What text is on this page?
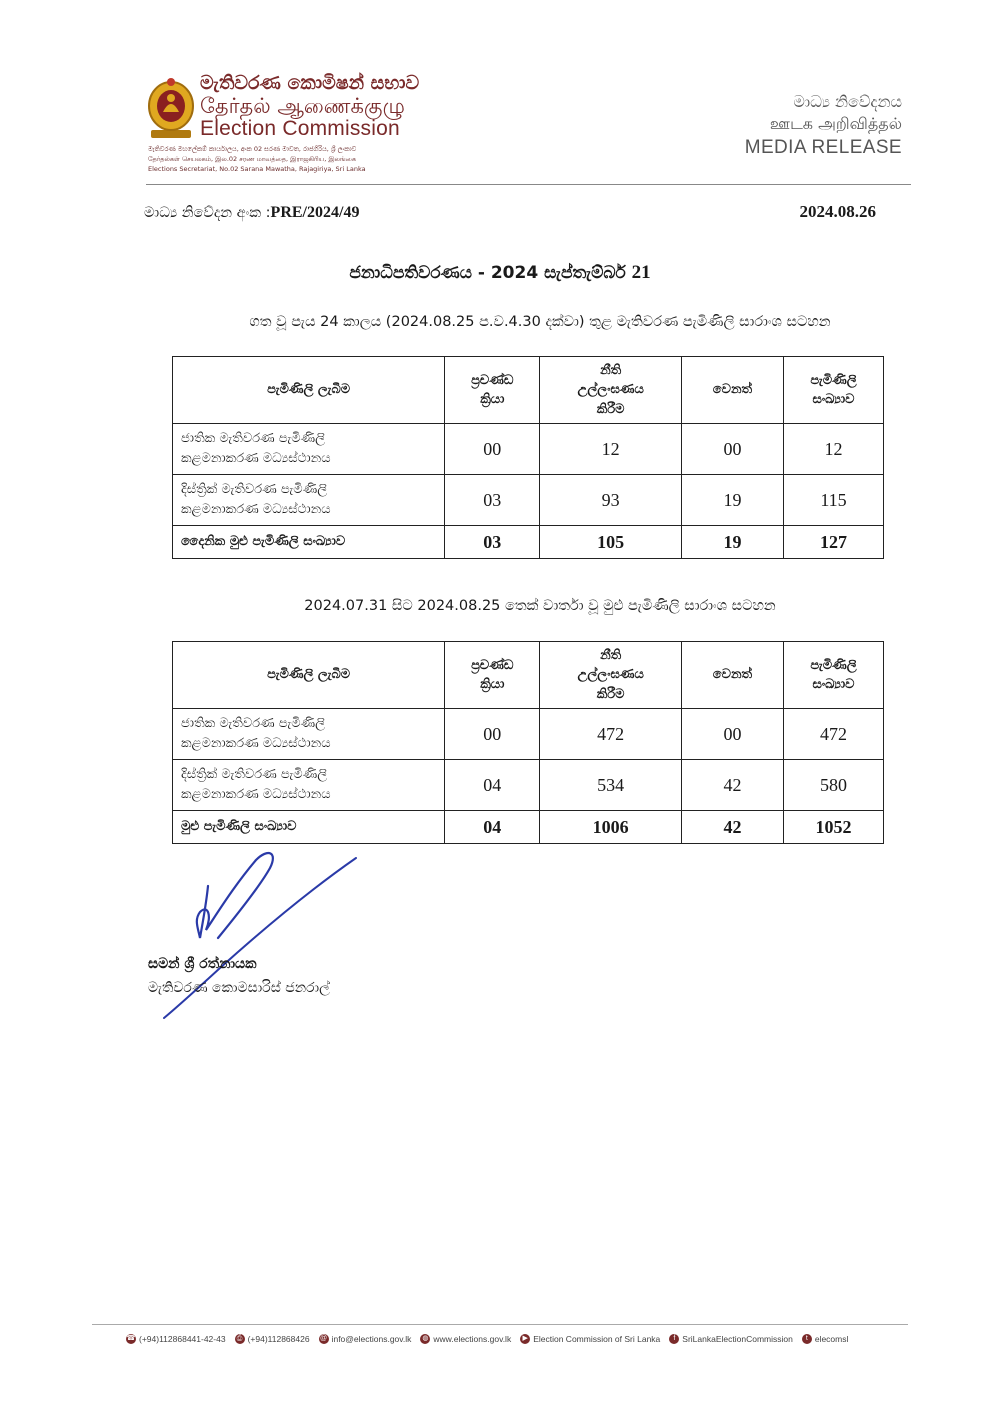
මැතිවරණ කොමිෂන් සභාව
தேர்தல் ஆணைக்குழு
Election Commission
මැතිවරණ මහලේකම් කාර්යාලය, අංක 02 සරණ මාවත, රාජගිරිය, ශ්‍රී ලංකාව
தேர்தல்கள் செயலகம், இல.02 சரண மாவத்தை, இராஜகிரிய, இலங்கை
Elections Secretariat, No.02 Sarana Mawatha, Rajagiriya, Sri Lanka
මාධ්‍ය නිවේදනය
ஊடக அறிவித்தல்
MEDIA RELEASE
මාධ්‍ය නිවේදන අංක :PRE/2024/49	2024.08.26
ජනාධිපතිවරණය - 2024 සැප්තැම්බර් 21
ගත වූ පැය 24 කාලය (2024.08.25 ප.ව.4.30 දක්වා) තුළ මැතිවරණ පැමිණිලි සාරාංශ සටහන
පැමිණිලි ලැබීම	ප්‍රචණ්ඩ
ක්‍රියා	නීති
උල්ලංඝණය
කිරීම	වෙනත්	පැමිණිලි
සංඛ්‍යාව
ජාතික මැතිවරණ පැමිණිලි
කළමනාකරණ මධ්‍යස්ථානය	00	12	00	12
දිස්ත්‍රික් මැතිවරණ පැමිණිලි
කළමනාකරණ මධ්‍යස්ථානය	03	93	19	115
දෛනික මුළු පැමිණිලි සංඛ්‍යාව	03	105	19	127
2024.07.31 සිට 2024.08.25 තෙක් වාර්තා වූ මුළු පැමිණිලි සාරාංශ සටහන
පැමිණිලි ලැබීම	ප්‍රචණ්ඩ
ක්‍රියා	නීති
උල්ලංඝණය
කිරීම	වෙනත්	පැමිණිලි
සංඛ්‍යාව
ජාතික මැතිවරණ පැමිණිලි
කළමනාකරණ මධ්‍යස්ථානය	00	472	00	472
දිස්ත්‍රික් මැතිවරණ පැමිණිලි
කළමනාකරණ මධ්‍යස්ථානය	04	534	42	580
මුළු පැමිණිලි සංඛ්‍යාව	04	1006	42	1052
සමන් ශ්‍රී රත්නායක
මැතිවරණ කොමසාරිස් ජනරාල්
☎ (+94)112868441-42-43	⎙ (+94)112868426 @ info@elections.gov.lk ◍ www.elections.gov.lk	▶ Election Commission of Sri Lanka	f SriLankaElectionCommission	t elecomsl
